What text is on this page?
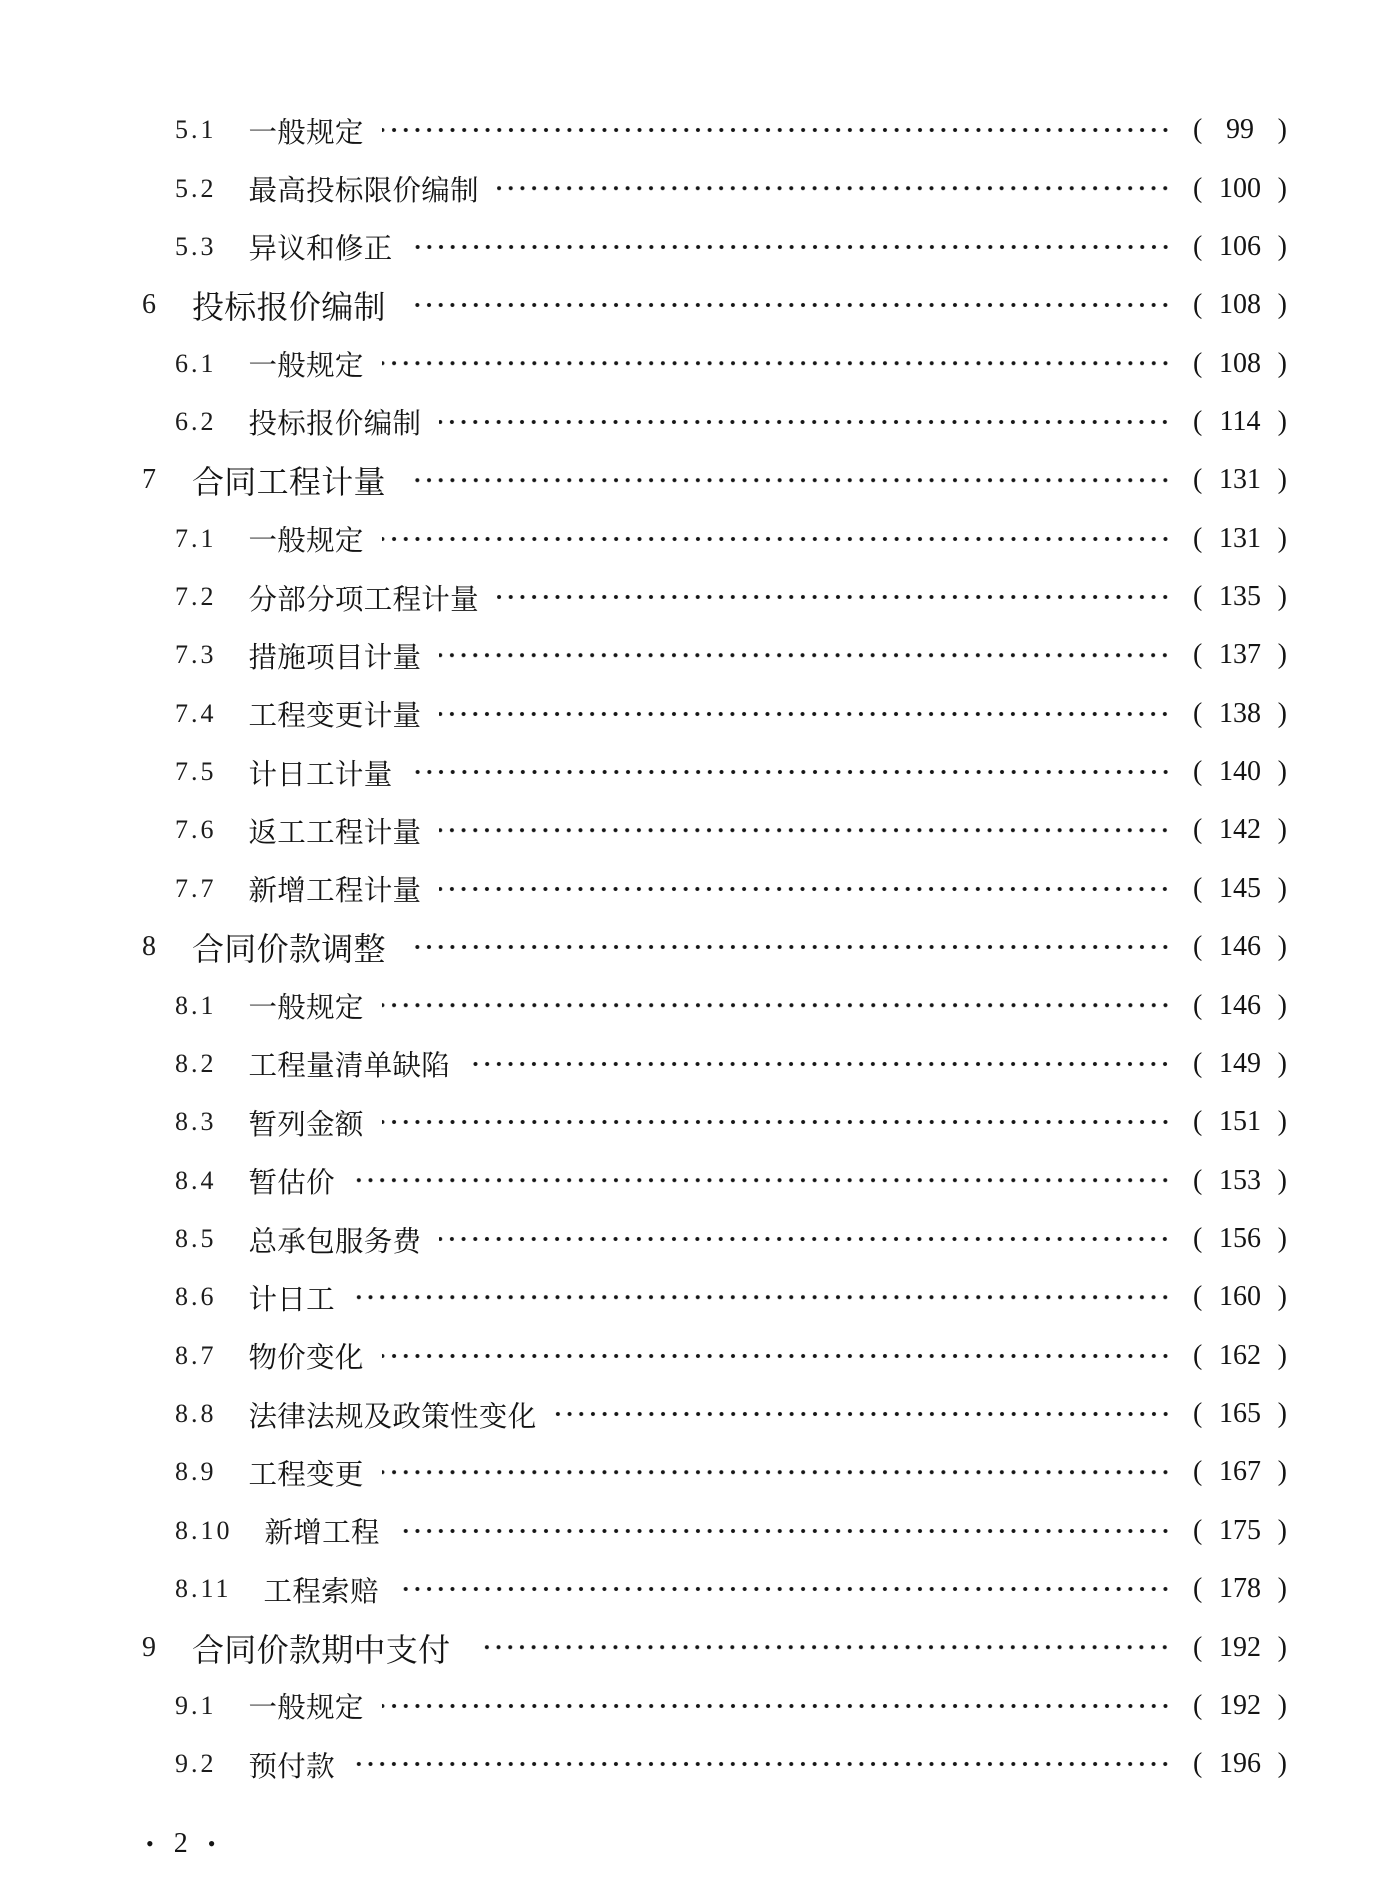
5.1 一般规定	( 99 )
5.2 最高投标限价编制	( 100 )
5.3 异议和修正	( 106 )
6 投标报价编制	( 108 )
6.1 一般规定	( 108 )
6.2 投标报价编制	( 114 )
7 合同工程计量	( 131 )
7.1 一般规定	( 131 )
7.2 分部分项工程计量	( 135 )
7.3 措施项目计量	( 137 )
7.4 工程变更计量	( 138 )
7.5 计日工计量	( 140 )
7.6 返工工程计量	( 142 )
7.7 新增工程计量	( 145 )
8 合同价款调整	( 146 )
8.1 一般规定	( 146 )
8.2 工程量清单缺陷	( 149 )
8.3 暂列金额	( 151 )
8.4 暂估价	( 153 )
8.5 总承包服务费	( 156 )
8.6 计日工	( 160 )
8.7 物价变化	( 162 )
8.8 法律法规及政策性变化	( 165 )
8.9 工程变更	( 167 )
8.10 新增工程	( 175 )
8.11 工程索赔	( 178 )
9 合同价款期中支付	( 192 )
9.1 一般规定	( 192 )
9.2 预付款	( 196 )
• 2 •
